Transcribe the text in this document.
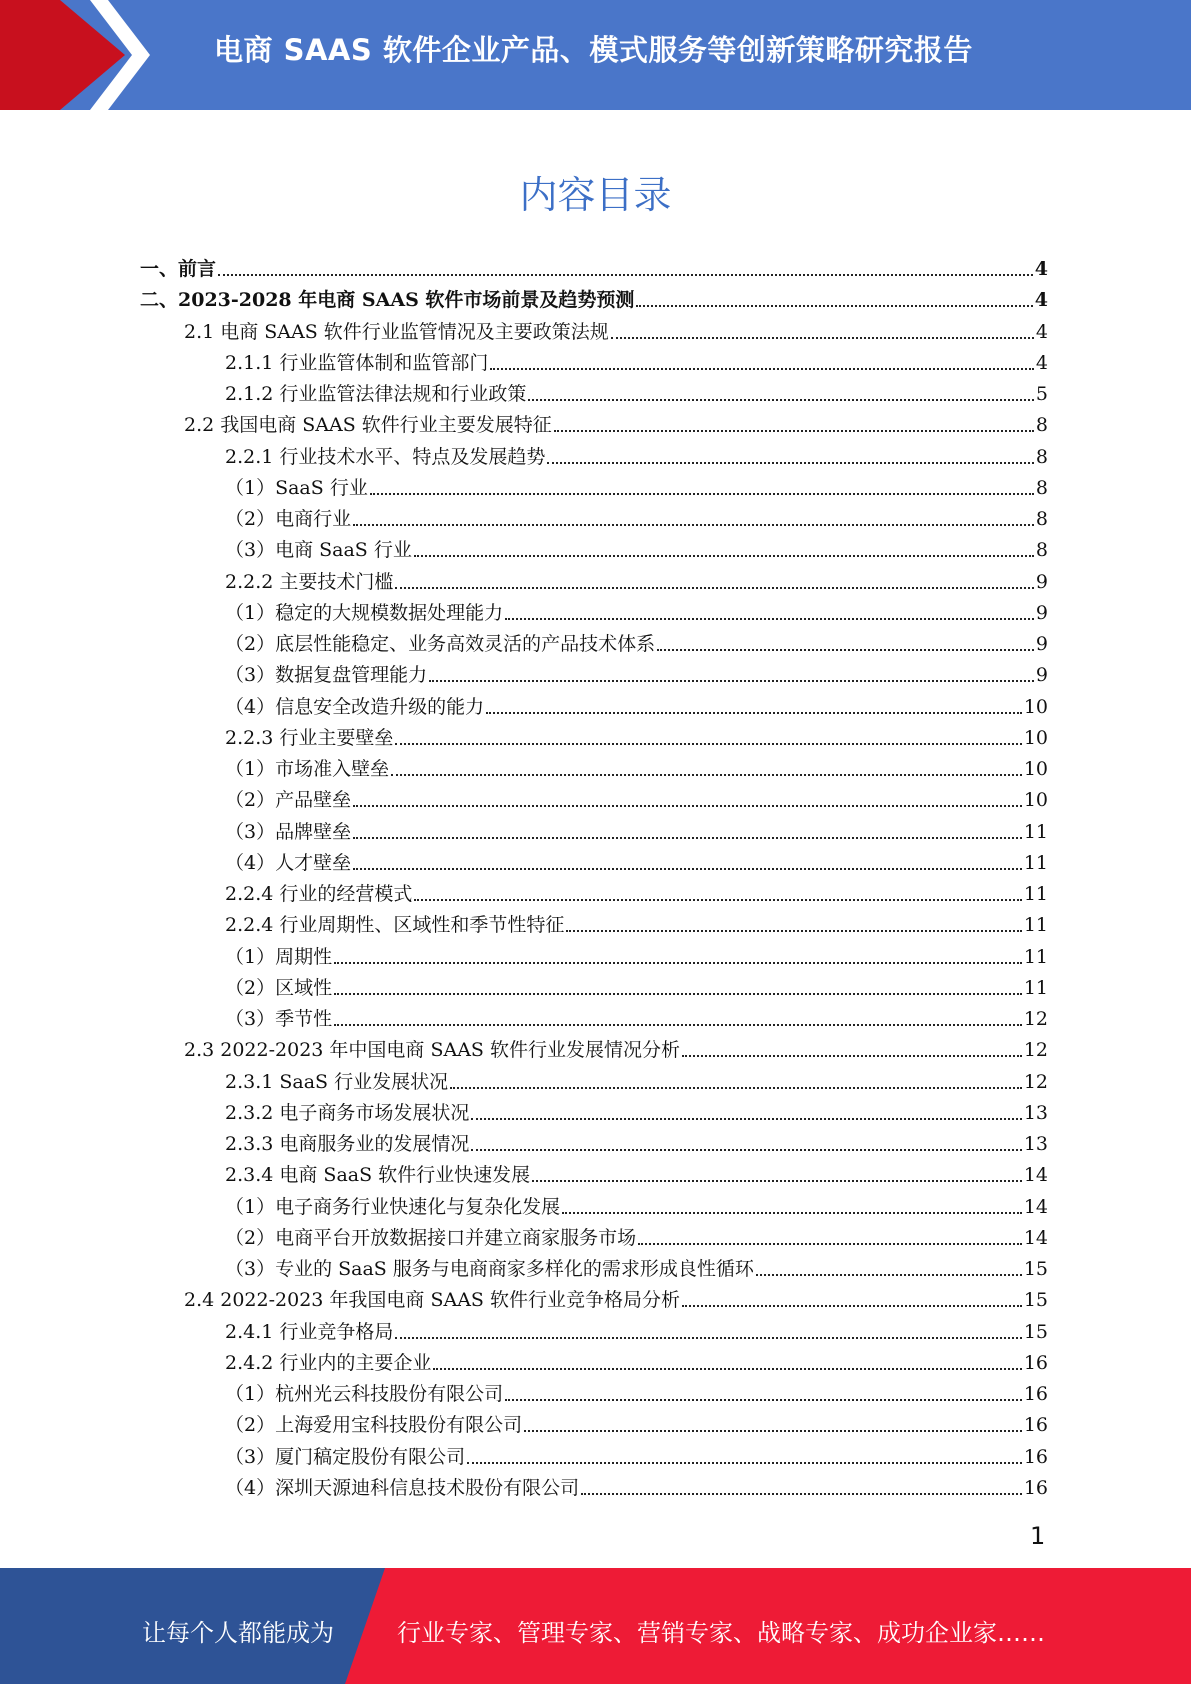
电商 SAAS 软件企业产品、模式服务等创新策略研究报告
内容目录
一、前言	4
二、2023-2028 年电商 SAAS 软件市场前景及趋势预测	4
2.1 电商 SAAS 软件行业监管情况及主要政策法规	4
2.1.1 行业监管体制和监管部门	4
2.1.2 行业监管法律法规和行业政策	5
2.2 我国电商 SAAS 软件行业主要发展特征	8
2.2.1 行业技术水平、特点及发展趋势	8
（1）SaaS 行业	8
（2）电商行业	8
（3）电商 SaaS 行业	8
2.2.2 主要技术门槛	9
（1）稳定的大规模数据处理能力	9
（2）底层性能稳定、业务高效灵活的产品技术体系	9
（3）数据复盘管理能力	9
（4）信息安全改造升级的能力	10
2.2.3 行业主要壁垒	10
（1）市场准入壁垒	10
（2）产品壁垒	10
（3）品牌壁垒	11
（4）人才壁垒	11
2.2.4 行业的经营模式	11
2.2.4 行业周期性、区域性和季节性特征	11
（1）周期性	11
（2）区域性	11
（3）季节性	12
2.3 2022-2023 年中国电商 SAAS 软件行业发展情况分析	12
2.3.1 SaaS 行业发展状况	12
2.3.2 电子商务市场发展状况	13
2.3.3 电商服务业的发展情况	13
2.3.4 电商 SaaS 软件行业快速发展	14
（1）电子商务行业快速化与复杂化发展	14
（2）电商平台开放数据接口并建立商家服务市场	14
（3）专业的 SaaS 服务与电商商家多样化的需求形成良性循环	15
2.4 2022-2023 年我国电商 SAAS 软件行业竞争格局分析	15
2.4.1 行业竞争格局	15
2.4.2 行业内的主要企业	16
（1）杭州光云科技股份有限公司	16
（2）上海爱用宝科技股份有限公司	16
（3）厦门稿定股份有限公司	16
（4）深圳天源迪科信息技术股份有限公司	16
1
让每个人都能成为	行业专家、管理专家、营销专家、战略专家、成功企业家……
